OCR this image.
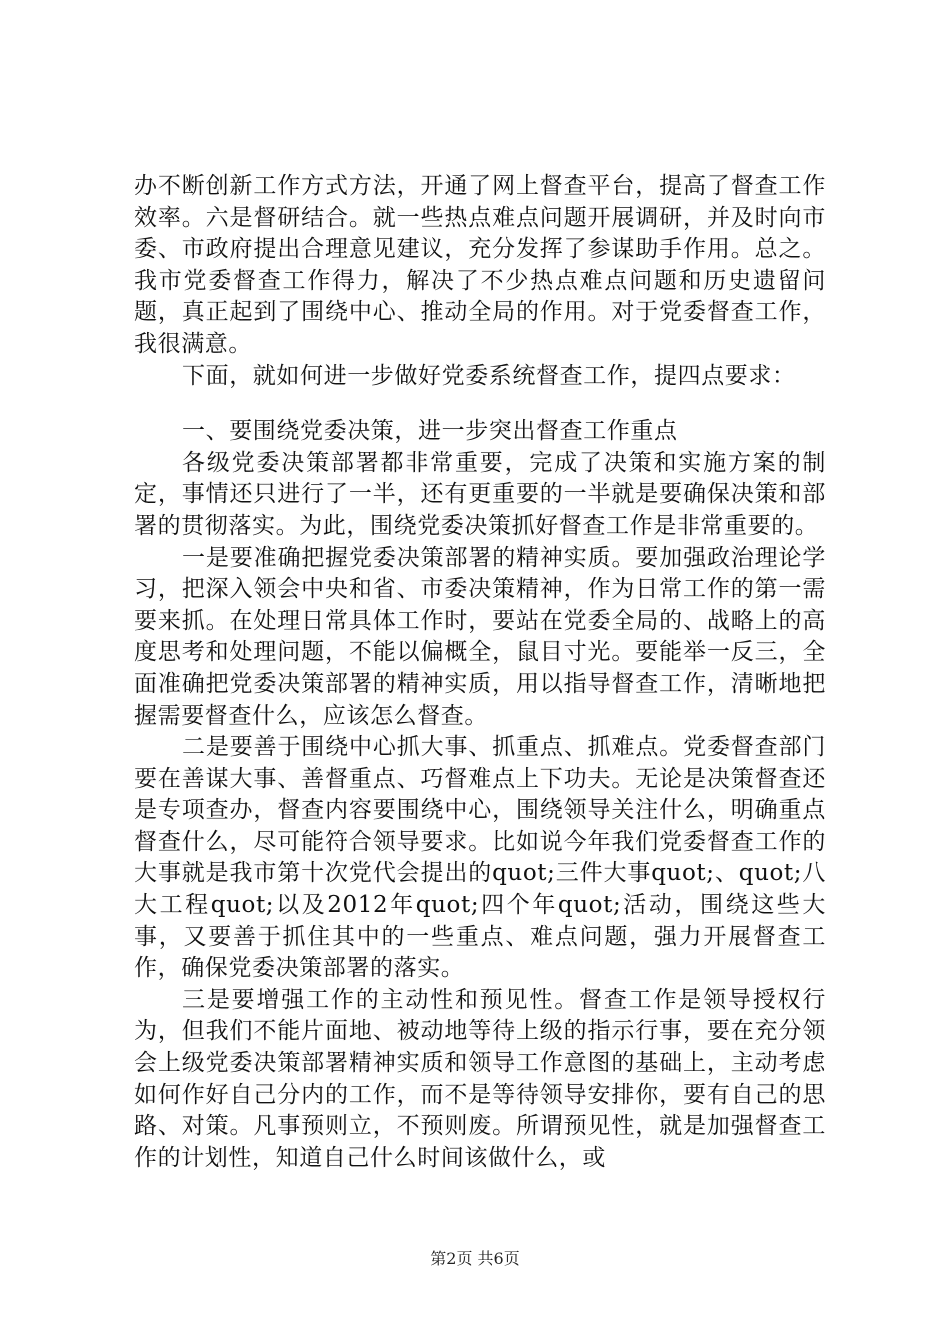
办不断创新工作方式方法，开通了网上督查平台，提高了督查工作效率。六是督研结合。就一些热点难点问题开展调研，并及时向市委、市政府提出合理意见建议，充分发挥了参谋助手作用。总之。我市党委督查工作得力，解决了不少热点难点问题和历史遗留问题，真正起到了围绕中心、推动全局的作用。对于党委督查工作，我很满意。

下面，就如何进一步做好党委系统督查工作，提四点要求：

一、要围绕党委决策，进一步突出督查工作重点

各级党委决策部署都非常重要，完成了决策和实施方案的制定，事情还只进行了一半，还有更重要的一半就是要确保决策和部署的贯彻落实。为此，围绕党委决策抓好督查工作是非常重要的。

一是要准确把握党委决策部署的精神实质。要加强政治理论学习，把深入领会中央和省、市委决策精神，作为日常工作的第一需要来抓。在处理日常具体工作时，要站在党委全局的、战略上的高度思考和处理问题，不能以偏概全，鼠目寸光。要能举一反三，全面准确把党委决策部署的精神实质，用以指导督查工作，清晰地把握需要督查什么，应该怎么督查。

二是要善于围绕中心抓大事、抓重点、抓难点。党委督查部门要在善谋大事、善督重点、巧督难点上下功夫。无论是决策督查还是专项查办，督查内容要围绕中心，围绕领导关注什么，明确重点督查什么，尽可能符合领导要求。比如说今年我们党委督查工作的大事就是我市第十次党代会提出的quot;三件大事quot;、quot;八大工程quot;以及2012年quot;四个年quot;活动，围绕这些大事，又要善于抓住其中的一些重点、难点问题，强力开展督查工作，确保党委决策部署的落实。

三是要增强工作的主动性和预见性。督查工作是领导授权行为，但我们不能片面地、被动地等待上级的指示行事，要在充分领会上级党委决策部署精神实质和领导工作意图的基础上，主动考虑如何作好自己分内的工作，而不是等待领导安排你，要有自己的思路、对策。凡事预则立，不预则废。所谓预见性，就是加强督查工作的计划性，知道自己什么时间该做什么，或

第2页 共6页
